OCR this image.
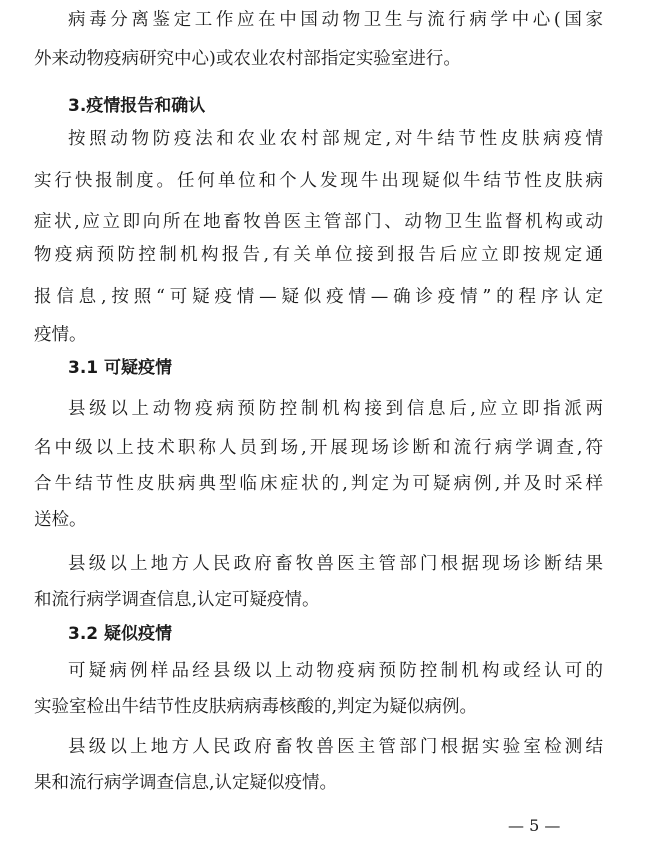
病毒分离鉴定工作应在中国动物卫生与流行病学中心(国家
外来动物疫病研究中心)或农业农村部指定实验室进行。
3.疫情报告和确认
按照动物防疫法和农业农村部规定,对牛结节性皮肤病疫情
实行快报制度。任何单位和个人发现牛出现疑似牛结节性皮肤病
症状,应立即向所在地畜牧兽医主管部门、动物卫生监督机构或动
物疫病预防控制机构报告,有关单位接到报告后应立即按规定通
报信息,按照“可疑疫情—疑似疫情—确诊疫情”的程序认定
疫情。
3.1 可疑疫情
县级以上动物疫病预防控制机构接到信息后,应立即指派两
名中级以上技术职称人员到场,开展现场诊断和流行病学调查,符
合牛结节性皮肤病典型临床症状的,判定为可疑病例,并及时采样
送检。
县级以上地方人民政府畜牧兽医主管部门根据现场诊断结果
和流行病学调查信息,认定可疑疫情。
3.2 疑似疫情
可疑病例样品经县级以上动物疫病预防控制机构或经认可的
实验室检出牛结节性皮肤病病毒核酸的,判定为疑似病例。
县级以上地方人民政府畜牧兽医主管部门根据实验室检测结
果和流行病学调查信息,认定疑似疫情。
— 5 —
